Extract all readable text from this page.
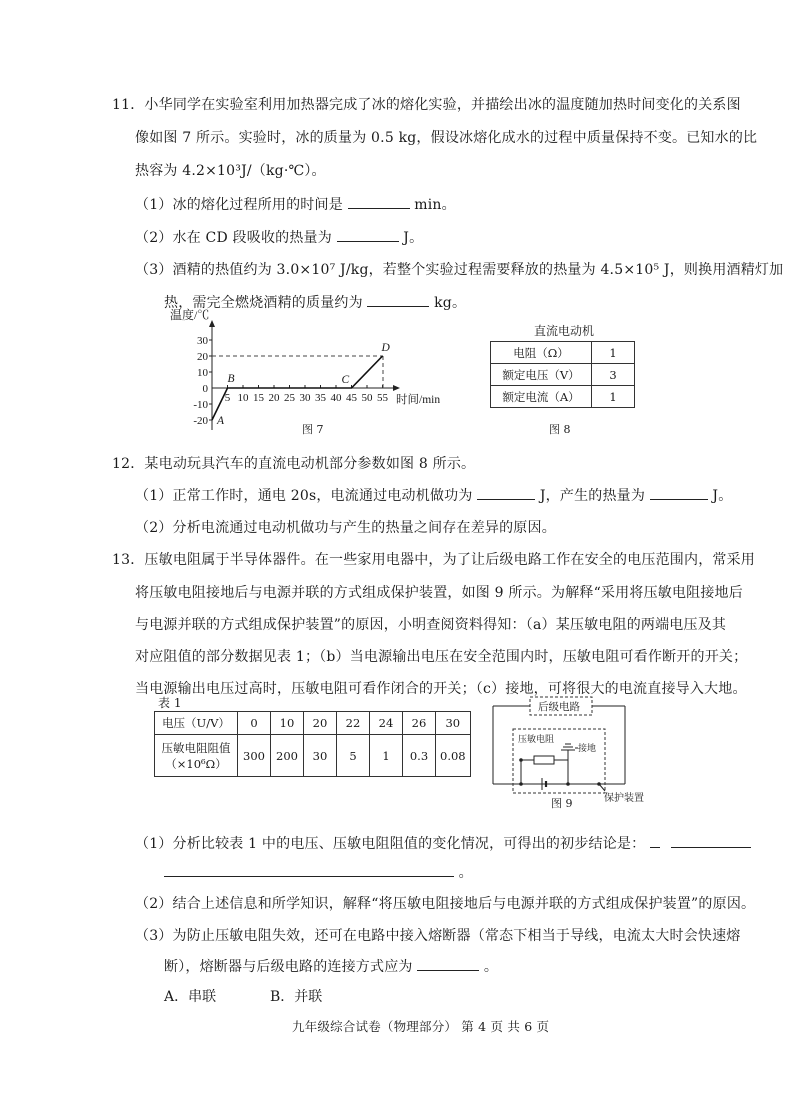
11．小华同学在实验室利用加热器完成了冰的熔化实验，并描绘出冰的温度随加热时间变化的关系图
像如图 7 所示。实验时，冰的质量为 0.5 kg，假设冰熔化成水的过程中质量保持不变。已知水的比
热容为 4.2×10³J/（kg·℃）。
（1）冰的熔化过程所用的时间是	min。
（2）水在 CD 段吸收的热量为	J。
（3）酒精的热值约为 3.0×10⁷ J/kg，若整个实验过程需要释放的热量为 4.5×10⁵ J，则换用酒精灯加
热，需完全燃烧酒精的质量约为	kg。
温度/℃
时间/min
30
20
10
0
-10
-20
5 10 15 20 25 30 35 40 45 50 55
A
B	C
D
图 7
直流电动机
电阻（Ω）	1
额定电压（V）	3
额定电流（A）	1
图 8
12．某电动玩具汽车的直流电动机部分参数如图 8 所示。
（1）正常工作时，通电 20s，电流通过电动机做功为	J，产生的热量为	J。
（2）分析电流通过电动机做功与产生的热量之间存在差异的原因。
13．压敏电阻属于半导体器件。在一些家用电器中，为了让后级电路工作在安全的电压范围内，常采用
将压敏电阻接地后与电源并联的方式组成保护装置，如图 9 所示。为解释“采用将压敏电阻接地后
与电源并联的方式组成保护装置”的原因，小明查阅资料得知：（a）某压敏电阻的两端电压及其
对应阻值的部分数据见表 1；（b）当电源输出电压在安全范围内时，压敏电阻可看作断开的开关；
当电源输出电压过高时，压敏电阻可看作闭合的开关；（c）接地，可将很大的电流直接导入大地。
表 1
电压（U/V）	0	10	20	22	24	26	30

压敏电阻阻值
（×10⁶Ω）	300	200	30	5	1	0.3	0.08
后级电路
压敏电阻
接地
保护装置
图 9
（1）分析比较表 1 中的电压、压敏电阻阻值的变化情况，可得出的初步结论是：
。
（2）结合上述信息和所学知识，解释“将压敏电阻接地后与电源并联的方式组成保护装置”的原因。
（3）为防止压敏电阻失效，还可在电路中接入熔断器（常态下相当于导线，电流太大时会快速熔
断），熔断器与后级电路的连接方式应为	。
A．串联	B．并联
九年级综合试卷（物理部分） 第 4 页 共 6 页
